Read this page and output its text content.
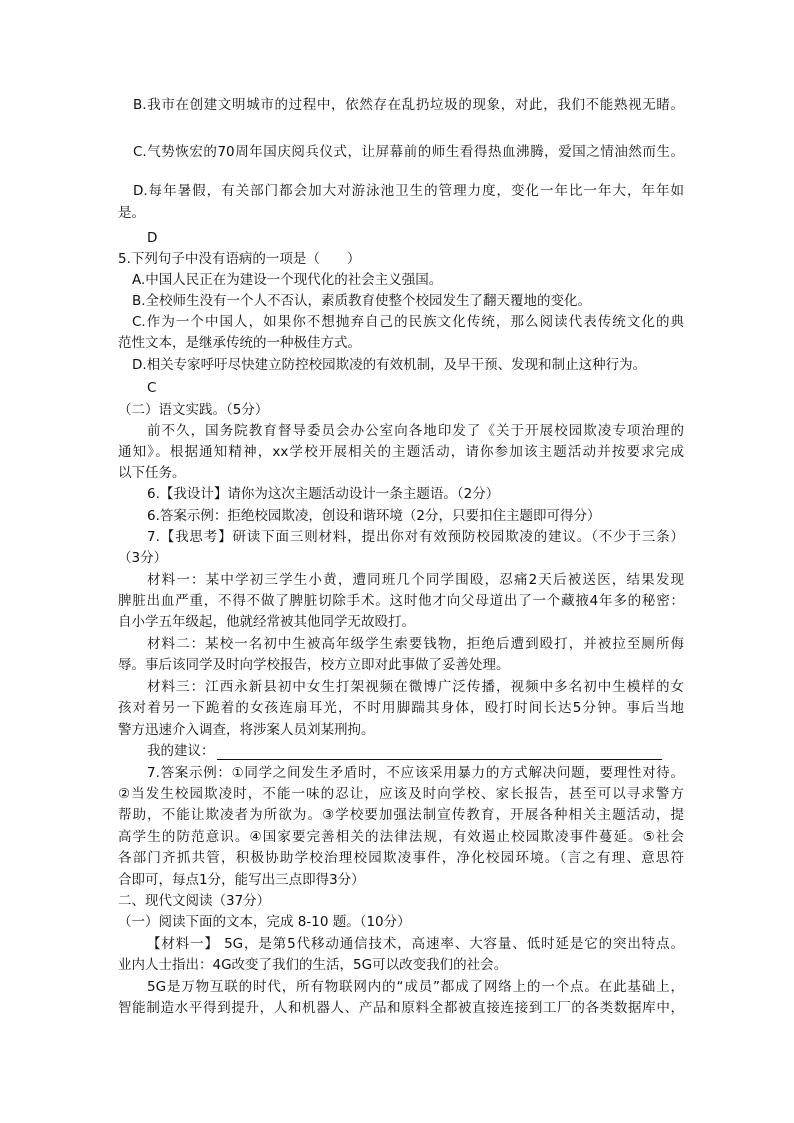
B.我市在创建文明城市的过程中，依然存在乱扔垃圾的现象，对此，我们不能熟视无睹。
C.气势恢宏的70周年国庆阅兵仪式，让屏幕前的师生看得热血沸腾，爱国之情油然而生。
D.每年暑假，有关部门都会加大对游泳池卫生的管理力度，变化一年比一年大，年年如
是。
D
5.下列句子中没有语病的一项是（　　）
A.中国人民正在为建设一个现代化的社会主义强国。
B.全校师生没有一个人不否认，素质教育使整个校园发生了翻天覆地的变化。
C.作为一个中国人，如果你不想抛弃自己的民族文化传统，那么阅读代表传统文化的典
范性文本，是继承传统的一种极佳方式。
D.相关专家呼吁尽快建立防控校园欺凌的有效机制，及早干预、发现和制止这种行为。
C
（二）语文实践。（5分）
前不久，国务院教育督导委员会办公室向各地印发了《关于开展校园欺凌专项治理的
通知》。根据通知精神，xx学校开展相关的主题活动，请你参加该主题活动并按要求完成
以下任务。
6.【我设计】请你为这次主题活动设计一条主题语。（2分）
6.答案示例：拒绝校园欺凌，创设和谐环境（2分，只要扣住主题即可得分）
7.【我思考】研读下面三则材料，提出你对有效预防校园欺凌的建议。（不少于三条）
（3分）
材料一：某中学初三学生小黄，遭同班几个同学围殴，忍痛2天后被送医，结果发现
脾脏出血严重，不得不做了脾脏切除手术。这时他才向父母道出了一个藏掖4年多的秘密：
自小学五年级起，他就经常被其他同学无故殴打。
材料二：某校一名初中生被高年级学生索要钱物，拒绝后遭到殴打，并被拉至厕所侮
辱。事后该同学及时向学校报告，校方立即对此事做了妥善处理。
材料三：江西永新县初中女生打架视频在微博广泛传播，视频中多名初中生模样的女
孩对着另一下跪着的女孩连扇耳光，不时用脚踹其身体，殴打时间长达5分钟。事后当地
警方迅速介入调查，将涉案人员刘某刑拘。
我的建议：
7.答案示例：①同学之间发生矛盾时，不应该采用暴力的方式解决问题，要理性对待。
②当发生校园欺凌时，不能一味的忍让，应该及时向学校、家长报告，甚至可以寻求警方
帮助，不能让欺凌者为所欲为。③学校要加强法制宣传教育，开展各种相关主题活动，提
高学生的防范意识。④国家要完善相关的法律法规，有效遏止校园欺凌事件蔓延。⑤社会
各部门齐抓共管，积极协助学校治理校园欺凌事件，净化校园环境。（言之有理、意思符
合即可，每点1分，能写出三点即得3分）
二、现代文阅读（37分）
（一）阅读下面的文本，完成 8-10 题。（10分）
【材料一】 5G，是第5代移动通信技术，高速率、大容量、低时延是它的突出特点。
业内人士指出：4G改变了我们的生活，5G可以改变我们的社会。
5G是万物互联的时代，所有物联网内的“成员”都成了网络上的一个点。在此基础上，
智能制造水平得到提升，人和机器人、产品和原料全都被直接连接到工厂的各类数据库中，
